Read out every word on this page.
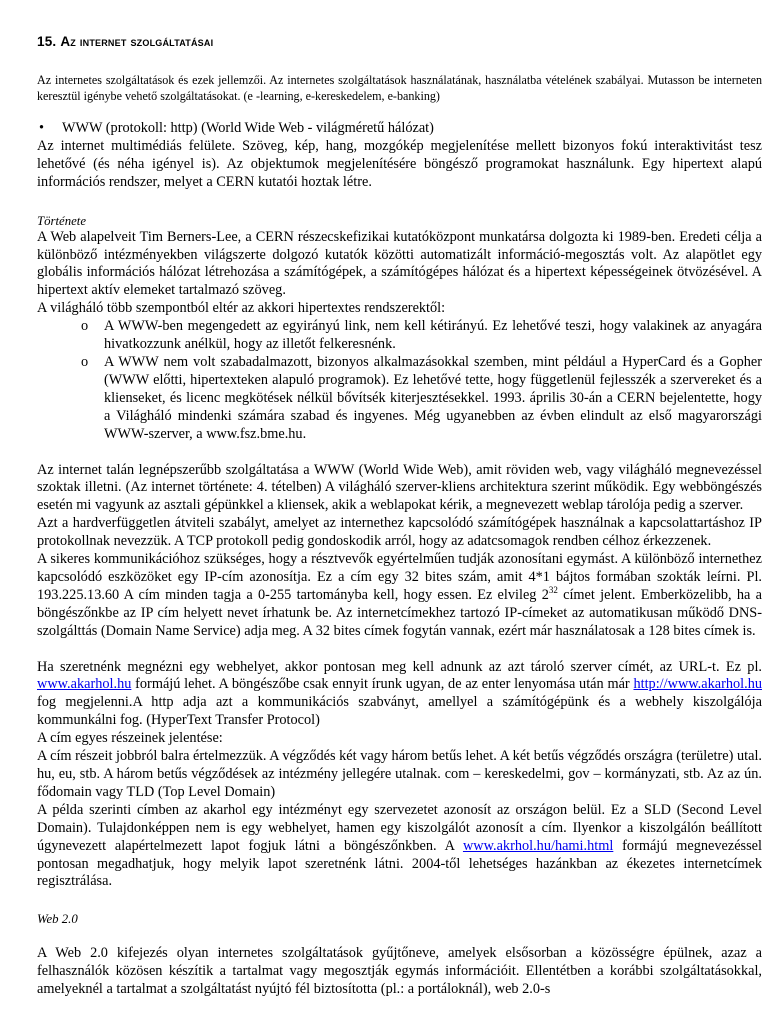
15. Az internet szolgáltatásai

Az internetes szolgáltatások és ezek jellemzői. Az internetes szolgáltatások használatának, használatba vételének szabályai. Mutasson be interneten keresztül igénybe vehető szolgáltatásokat. (e -learning, e-kereskedelem, e-banking)

•	WWW (protokoll: http) (World Wide Web - világméretű hálózat)

Az internet multimédiás felülete. Szöveg, kép, hang, mozgókép megjelenítése mellett bizonyos fokú interaktivitást tesz lehetővé (és néha igényel is). Az objektumok megjelenítésére böngésző programokat használunk. Egy hipertext alapú információs rendszer, melyet a CERN kutatói hoztak létre.

Története

A Web alapelveit Tim Berners-Lee, a CERN részecskefizikai kutatóközpont munkatársa dolgozta ki 1989-ben. Eredeti célja a különböző intézményekben világszerte dolgozó kutatók közötti automatizált információ-megosztás volt. Az alapötlet egy globális információs hálózat létrehozása a számítógépek, a számítógépes hálózat és a hipertext képességeinek ötvözésével. A hipertext aktív elemeket tartalmazó szöveg.

A világháló több szempontból eltér az akkori hipertextes rendszerektől:

o	A WWW-ben megengedett az egyirányú link, nem kell kétirányú. Ez lehetővé teszi, hogy valakinek az anyagára hivatkozzunk anélkül, hogy az illetőt felkeresnénk.
o	A WWW nem volt szabadalmazott, bizonyos alkalmazásokkal szemben, mint például a HyperCard és a Gopher (WWW előtti, hipertexteken alapuló programok). Ez lehetővé tette, hogy függetlenül fejlesszék a szervereket és a klienseket, és licenc megkötések nélkül bővítsék kiterjesztésekkel. 1993. április 30-án a CERN bejelentette, hogy a Világháló mindenki számára szabad és ingyenes. Még ugyanebben az évben elindult az első magyarországi WWW-szerver, a www.fsz.bme.hu.

Az internet talán legnépszerűbb szolgáltatása a WWW (World Wide Web), amit röviden web, vagy világháló megnevezéssel szoktak illetni. (Az internet története: 4. tételben) A világháló szerver-kliens architektura szerint működik. Egy webböngészés esetén mi vagyunk az asztali gépünkkel a kliensek, akik a weblapokat kérik, a megnevezett weblap tárolója pedig a szerver.

Azt a hardverfüggetlen átviteli szabályt, amelyet az internethez kapcsolódó számítógépek használnak a kapcsolattartáshoz IP protokollnak nevezzük. A TCP protokoll pedig gondoskodik arról, hogy az adatcsomagok rendben célhoz érkezzenek.

A sikeres kommunikációhoz szükséges, hogy a résztvevők egyértelműen tudják azonosítani egymást. A különböző internethez kapcsolódó eszközöket egy IP-cím azonosítja. Ez a cím egy 32 bites szám, amit 4*1 bájtos formában szokták leírni. Pl. 193.225.13.60 A cím minden tagja a 0-255 tartományba kell, hogy essen. Ez elvileg $2^{32}$ címet jelent. Emberközelibb, ha a böngészőnkbe az IP cím helyett nevet írhatunk be. Az internetcímekhez tartozó IP-címeket az automatikusan működő DNS-szolgálttás (Domain Name Service) adja meg. A 32 bites címek fogytán vannak, ezért már használatosak a 128 bites címek is.

Ha szeretnénk megnézni egy webhelyet, akkor pontosan meg kell adnunk az azt tároló szerver címét, az URL-t. Ez pl. www.akarhol.hu formájú lehet. A böngészőbe csak ennyit írunk ugyan, de az enter lenyomása után már http://www.akarhol.hu fog megjelenni.A http adja azt a kommunikációs szabványt, amellyel a számítógépünk és a webhely kiszolgálója kommunkálni fog. (HyperText Transfer Protocol)

A cím egyes részeinek jelentése:

A cím részeit jobbról balra értelmezzük. A végződés két vagy három betűs lehet. A két betűs végződés országra (területre) utal. hu, eu, stb. A három betűs végződések az intézmény jellegére utalnak. com – kereskedelmi, gov – kormányzati, stb. Az az ún. fődomain vagy TLD (Top Level Domain)

A példa szerinti címben az akarhol egy intézményt egy szervezetet azonosít az országon belül. Ez a SLD (Second Level Domain). Tulajdonképpen nem is egy webhelyet, hamen egy kiszolgálót azonosít a cím. Ilyenkor a kiszolgálón beállított úgynevezett alapértelmezett lapot fogjuk látni a böngészőnkben. A www.akrhol.hu/hami.html formájú megnevezéssel pontosan megadhatjuk, hogy melyik lapot szeretnénk látni. 2004-től lehetséges hazánkban az ékezetes internetcímek regisztrálása.

Web 2.0

A Web 2.0 kifejezés olyan internetes szolgáltatások gyűjtőneve, amelyek elsősorban a közösségre épülnek, azaz a felhasználók közösen készítik a tartalmat vagy megosztják egymás információit. Ellentétben a korábbi szolgáltatásokkal, amelyeknél a tartalmat a szolgáltatást nyújtó fél biztosította (pl.: a portáloknál), web 2.0-s
